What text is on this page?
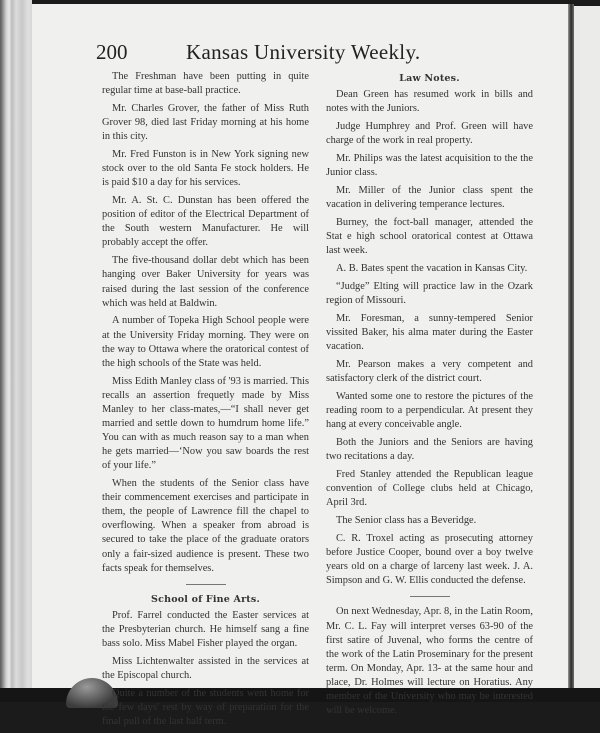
200	Kansas University Weekly.

The Freshman have been putting in quite regular time at base-ball practice.

Mr. Charles Grover, the father of Miss Ruth Grover 98, died last Friday morning at his home in this city.

Mr. Fred Funston is in New York signing new stock over to the old Santa Fe stock holders. He is paid $10 a day for his services.

Mr. A. St. C. Dunstan has been offered the position of editor of the Electrical Department of the South western Manufacturer. He will probably accept the offer.

The five-thousand dollar debt which has been hanging over Baker University for years was raised during the last session of the conference which was held at Baldwin.

A number of Topeka High School people were at the University Friday morning. They were on the way to Ottawa where the oratorical contest of the high schools of the State was held.

Miss Edith Manley class of '93 is married. This recalls an assertion frequetly made by Miss Manley to her class-mates,—“I shall never get married and settle down to humdrum home life.” You can with as much reason say to a man when he gets married—‘Now you saw boards the rest of your life.”

When the students of the Senior class have their commencement exercises and participate in them, the people of Lawrence fill the chapel to overflowing. When a speaker from abroad is secured to take the place of the graduate orators only a fair-sized audience is present. These two facts speak for themselves.

School of Fine Arts.

Prof. Farrel conducted the Easter services at the Presbyterian church. He himself sang a fine bass solo. Miss Mabel Fisher played the organ.

Miss Lichtenwalter assisted in the services at the Episcopal church.

Quite a number of the students went home for the few days' rest by way of preparation for the final pull of the last half term.

Law Notes.

Dean Green has resumed work in bills and notes with the Juniors.

Judge Humphrey and Prof. Green will have charge of the work in real property.

Mr. Philips was the latest acquisition to the the Junior class.

Mr. Miller of the Junior class spent the vacation in delivering temperance lectures.

Burney, the foct-ball manager, attended the Stat e high school oratorical contest at Ottawa last week.

A. B. Bates spent the vacation in Kansas City.

“Judge” Elting will practice law in the Ozark region of Missouri.

Mr. Foresman, a sunny-tempered Senior vissited Baker, his alma mater during the Easter vacation.

Mr. Pearson makes a very competent and satisfactory clerk of the district court.

Wanted some one to restore the pictures of the reading room to a perpendicular. At present they hang at every conceivable angle.

Both the Juniors and the Seniors are having two recitations a day.

Fred Stanley attended the Republican league convention of College clubs held at Chicago, April 3rd.

The Senior class has a Beveridge.

C. R. Troxel acting as prosecuting attorney before Justice Cooper, bound over a boy twelve years old on a charge of larceny last week. J. A. Simpson and G. W. Ellis conducted the defense.

On next Wednesday, Apr. 8, in the Latin Room, Mr. C. L. Fay will interpret verses 63-90 of the first satire of Juvenal, who forms the centre of the work of the Latin Proseminary for the present term. On Monday, Apr. 13- at the same hour and place, Dr. Holmes will lecture on Horatius. Any member of the University who may be interested will be welcome.
